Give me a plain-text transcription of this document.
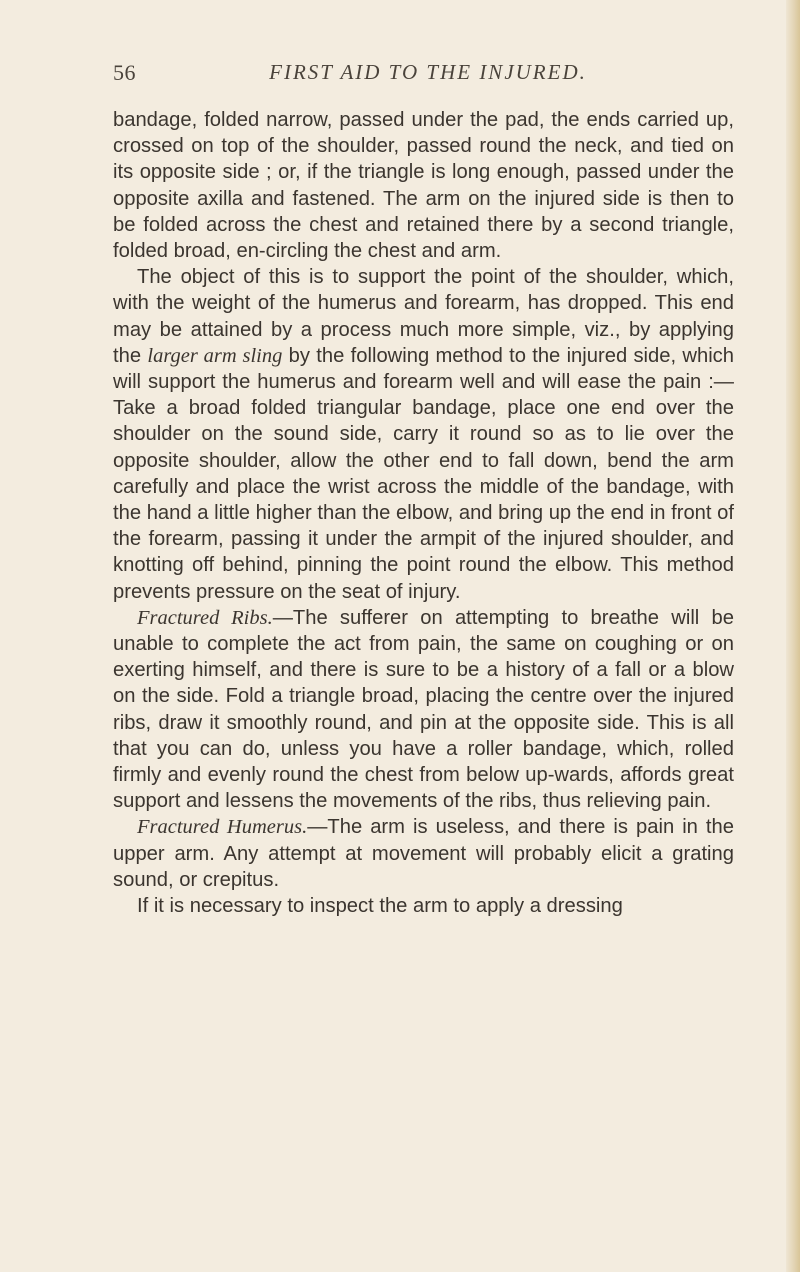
56	FIRST AID TO THE INJURED.

bandage, folded narrow, passed under the pad, the ends carried up, crossed on top of the shoulder, passed round the neck, and tied on its opposite side ; or, if the triangle is long enough, passed under the opposite axilla and fastened. The arm on the injured side is then to be folded across the chest and retained there by a second triangle, folded broad, en-circling the chest and arm.

The object of this is to support the point of the shoulder, which, with the weight of the humerus and forearm, has dropped. This end may be attained by a process much more simple, viz., by applying the larger arm sling by the following method to the injured side, which will support the humerus and forearm well and will ease the pain :—Take a broad folded triangular bandage, place one end over the shoulder on the sound side, carry it round so as to lie over the opposite shoulder, allow the other end to fall down, bend the arm carefully and place the wrist across the middle of the bandage, with the hand a little higher than the elbow, and bring up the end in front of the forearm, passing it under the armpit of the injured shoulder, and knotting off behind, pinning the point round the elbow. This method prevents pressure on the seat of injury.

Fractured Ribs.—The sufferer on attempting to breathe will be unable to complete the act from pain, the same on coughing or on exerting himself, and there is sure to be a history of a fall or a blow on the side. Fold a triangle broad, placing the centre over the injured ribs, draw it smoothly round, and pin at the opposite side. This is all that you can do, unless you have a roller bandage, which, rolled firmly and evenly round the chest from below up-wards, affords great support and lessens the movements of the ribs, thus relieving pain.

Fractured Humerus.—The arm is useless, and there is pain in the upper arm. Any attempt at movement will probably elicit a grating sound, or crepitus.

If it is necessary to inspect the arm to apply a dressing
